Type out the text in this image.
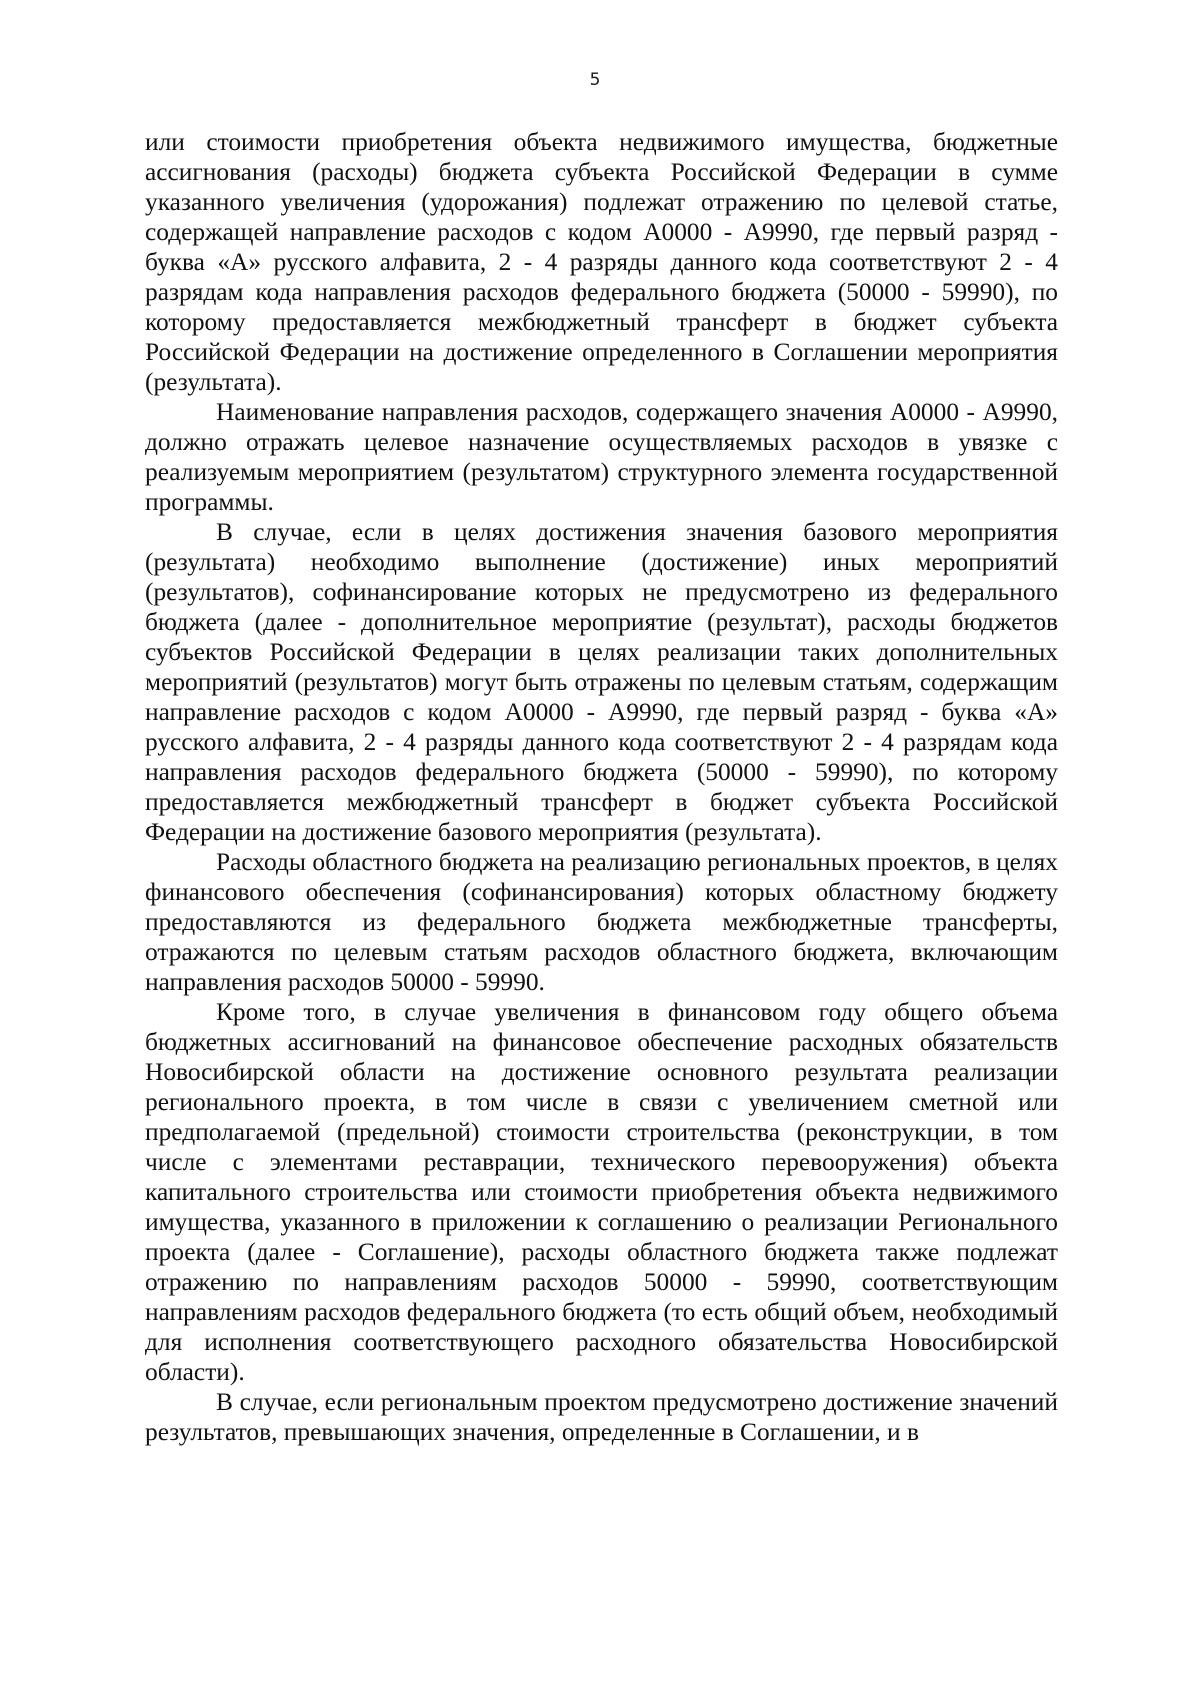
5

или стоимости приобретения объекта недвижимого имущества, бюджетные ассигнования (расходы) бюджета субъекта Российской Федерации в сумме указанного увеличения (удорожания) подлежат отражению по целевой статье, содержащей направление расходов с кодом А0000 - А9990, где первый разряд - буква «А» русского алфавита, 2 - 4 разряды данного кода соответствуют 2 - 4 разрядам кода направления расходов федерального бюджета (50000 - 59990), по которому предоставляется межбюджетный трансферт в бюджет субъекта Российской Федерации на достижение определенного в Соглашении мероприятия (результата).

Наименование направления расходов, содержащего значения А0000 - А9990, должно отражать целевое назначение осуществляемых расходов в увязке с реализуемым мероприятием (результатом) структурного элемента государственной программы.

В случае, если в целях достижения значения базового мероприятия (результата) необходимо выполнение (достижение) иных мероприятий (результатов), софинансирование которых не предусмотрено из федерального бюджета (далее - дополнительное мероприятие (результат), расходы бюджетов субъектов Российской Федерации в целях реализации таких дополнительных мероприятий (результатов) могут быть отражены по целевым статьям, содержащим направление расходов с кодом А0000 - А9990, где первый разряд - буква «А» русского алфавита, 2 - 4 разряды данного кода соответствуют 2 - 4 разрядам кода направления расходов федерального бюджета (50000 - 59990), по которому предоставляется межбюджетный трансферт в бюджет субъекта Российской Федерации на достижение базового мероприятия (результата).

Расходы областного бюджета на реализацию региональных проектов, в целях финансового обеспечения (софинансирования) которых областному бюджету предоставляются из федерального бюджета межбюджетные трансферты, отражаются по целевым статьям расходов областного бюджета, включающим направления расходов 50000 - 59990.

Кроме того, в случае увеличения в финансовом году общего объема бюджетных ассигнований на финансовое обеспечение расходных обязательств Новосибирской области на достижение основного результата реализации регионального проекта, в том числе в связи с увеличением сметной или предполагаемой (предельной) стоимости строительства (реконструкции, в том числе с элементами реставрации, технического перевооружения) объекта капитального строительства или стоимости приобретения объекта недвижимого имущества, указанного в приложении к соглашению о реализации Регионального проекта (далее - Соглашение), расходы областного бюджета также подлежат отражению по направлениям расходов 50000 - 59990, соответствующим направлениям расходов федерального бюджета (то есть общий объем, необходимый для исполнения соответствующего расходного обязательства Новосибирской области).

В случае, если региональным проектом предусмотрено достижение значений результатов, превышающих значения, определенные в Соглашении, и в
